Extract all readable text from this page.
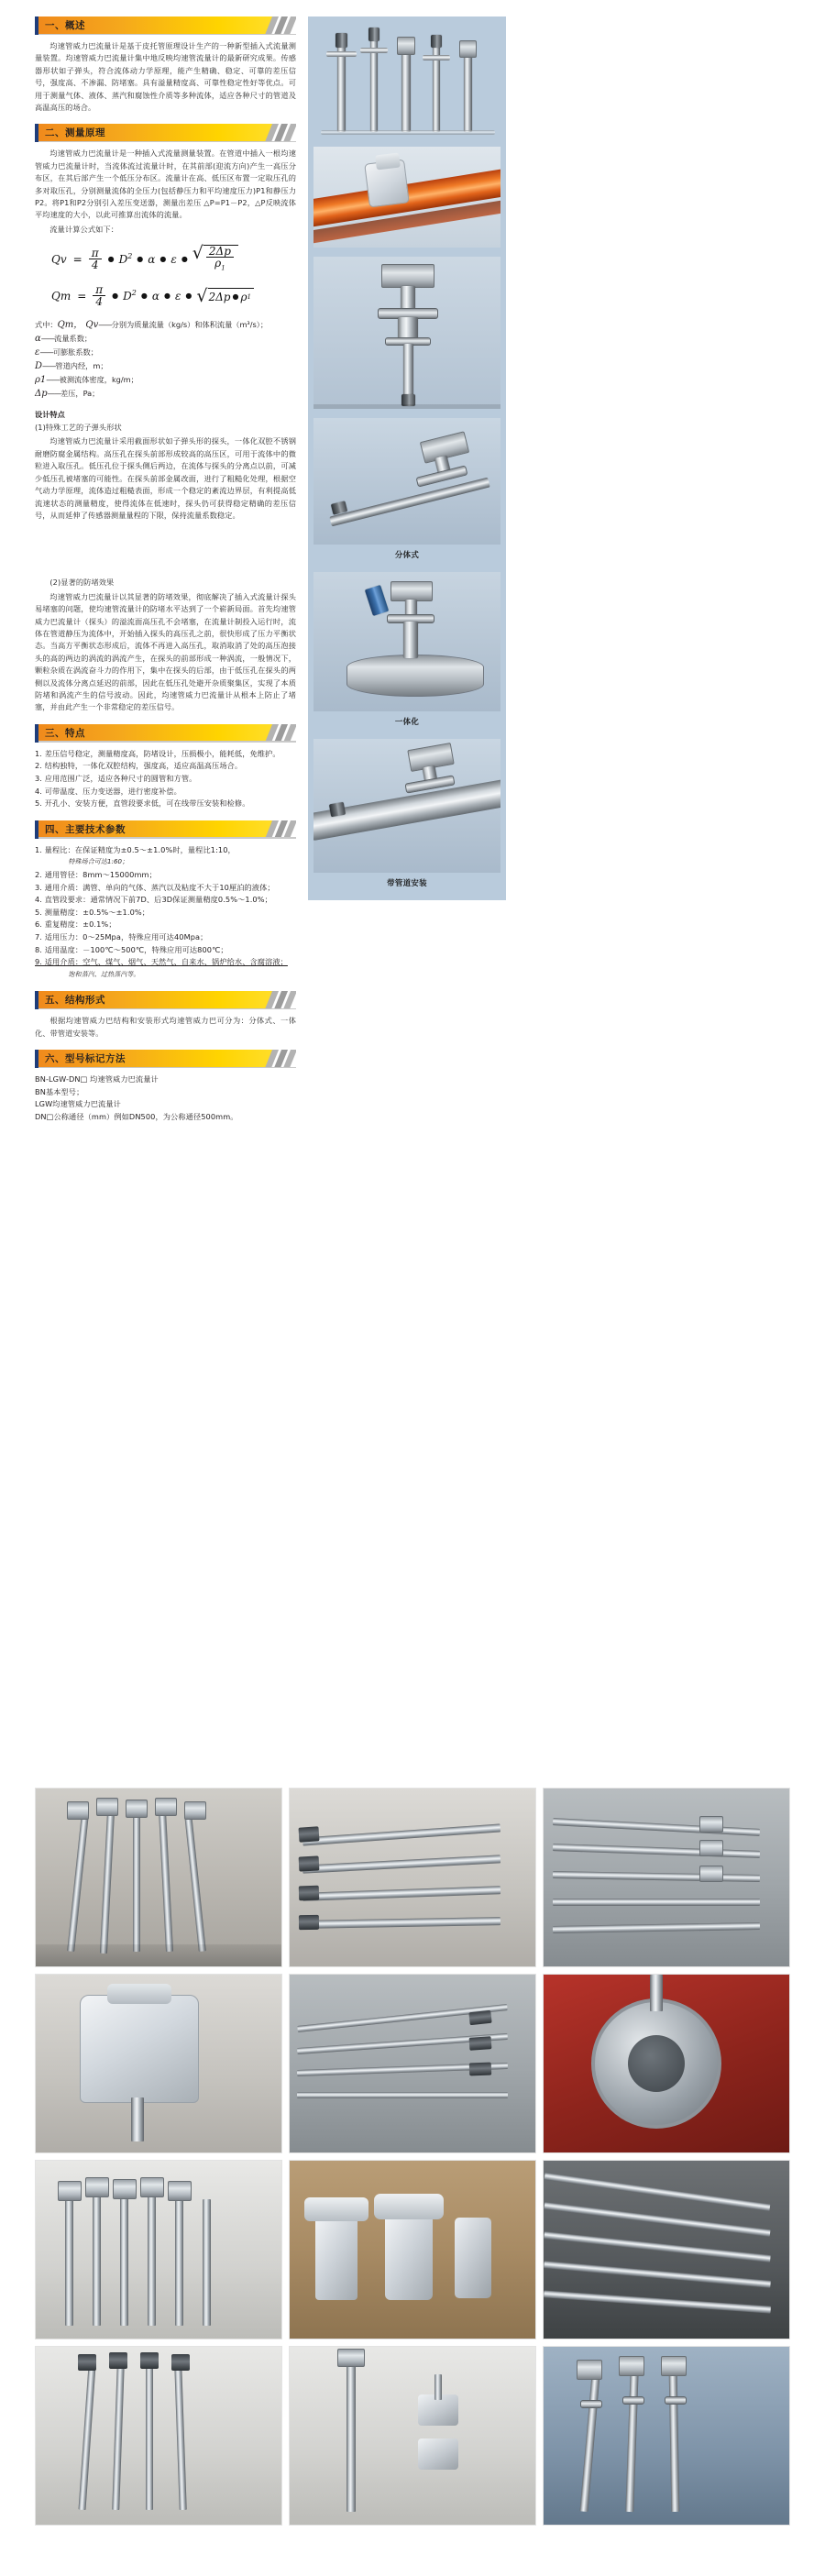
一、概述

均速管威力巴流量计是基于皮托管原理设计生产的一种新型插入式流量测量装置。均速管威力巴流量计集中地反映均速管流量计的最新研究成果。传感器形状如子弹头，符合流体动力学原理，能产生精确、稳定、可靠的差压信号，强度高、不渗漏、防堵塞。具有溢量精度高、可靠性稳定性好等优点。可用于测量气体、液体、蒸汽和腐蚀性介质等多种流体，适应各种尺寸的管道及高温高压的场合。

二、测量原理

均速管威力巴流量计是一种插入式流量测量装置。在管道中插入一根均速管威力巴流量计时，当流体流过流量计时，在其前部(迎流方向)产生一高压分布区，在其后部产生一个低压分布区。流量计在高、低压区布置一定取压孔的多对取压孔，分别测量流体的全压力(包括静压力和平均速度压力)P1和静压力P2。将P1和P2分别引入差压变送器，测量出差压 △P=P1－P2，△P反映流体平均速度的大小，以此可推算出流体的流量。

流量计算公式如下：

$Qv = \frac{\pi}{4}$ ● $D^2$ ● α ● ε ● √ $\frac{2\Delta p}{\rho_1}$
$Qm = \frac{\pi}{4}$ ● $D^2$ ● α ● ε ● √ 2Δp ● ρ 1
式中：Qm， Qv——分别为质量流量（kg/s）和体积流量（m³/s）；
α——流量系数；
ε——可膨胀系数；
D——管道内经，m；
ρ1——被测流体密度，kg/m；
Δp——差压，Pa；
设计特点

(1)特殊工艺的子弹头形状

均速管威力巴流量计采用截面形状如子弹头形的探头，一体化双腔不锈钢耐磨防腐金属结构。高压孔在探头前部形成较高的高压区，可用于流体中的微粒进入取压孔。低压孔位于探头侧后两边，在流体与探头的分离点以前，可减少低压孔被堵塞的可能性。在探头前部金属改面，进行了粗糙化处理，根据空气动力学原理，流体造过粗糙表面，形成一个稳定的紊流边界层，有利提高低流速状态的测量精度，使得流体在低速时，探头仍可获得稳定精确的差压信号，从而延伸了传感器测量量程的下限，保持流量系数稳定。

(2)显著的防堵效果

均速管威力巴流量计以其显著的防堵效果，彻底解决了插入式流量计探头易堵塞的问题，使均速管流量计的防堵水平达到了一个崭新局面。首先均速管威力巴流量计（探头）的溢流面高压孔不会堵塞，在流量计制投入运行时，流体在管道静压为流体中，开始插入探头的高压孔之前，很快形成了压力平衡状态。当高方平衡状态形成后，流体不再进入高压孔，取消取消了处的高压泡接头的高的两边的涡流的涡流产生，在探头的前部形成一种涡流，一般情况下，颗粒杂质在涡流奋斗力的作用下，集中在探头的后部，由于低压孔在探头的两侧以及流体分离点延迟的前部，因此在低压孔处避开杂质聚集区，实现了本质防堵和涡流产生的信号波动。因此，均速管威力巴流量计从根本上防止了堵塞，并由此产生一个非常稳定的差压信号。

三、特点

1. 差压信号稳定，测量精度高，防堵设计，压损极小，能耗低，免维护。

2. 结构独特，一体化双腔结构，强度高，适应高温高压场合。

3. 应用范围广泛，适应各种尺寸的圆管和方管。

4. 可带温度、压力变送器，进行密度补偿。

5. 开孔小、安装方便，直管段要求低，可在线带压安装和检修。

四、主要技术参数

1. 量程比：在保证精度为±0.5～±1.0%时，量程比1:10，

特殊场合可达1:60；

2. 通用管径：8mm～15000mm；

3. 通用介质：满管、单向的气体、蒸汽以及粘度不大于10厘泊的液体；

4. 直管段要求：通常情况下前7D、后3D保证测量精度0.5%～1.0%；

5. 测量精度：±0.5%～±1.0%；

6. 重复精度：±0.1%；

7. 适用压力：0～25Mpa，特殊应用可达40Mpa；

8. 适用温度：－100℃～500℃，特殊应用可达800℃；

9. 适用介质：空气、煤气、烟气、天然气、自来水、锅炉给水、含腐溶液；

饱和蒸汽、过热蒸汽等。

五、结构形式

根据均速管威力巴结构和安装形式均速管威力巴可分为：分体式、一体化、带管道安装等。

六、型号标记方法

BN-LGW-DN□ 均速管威力巴流量计

BN基本型号；

LGW均速管威力巴流量计

DN□公称通径（mm）例如DN500，为公称通径500mm。

分体式
一体化
带管道安装
